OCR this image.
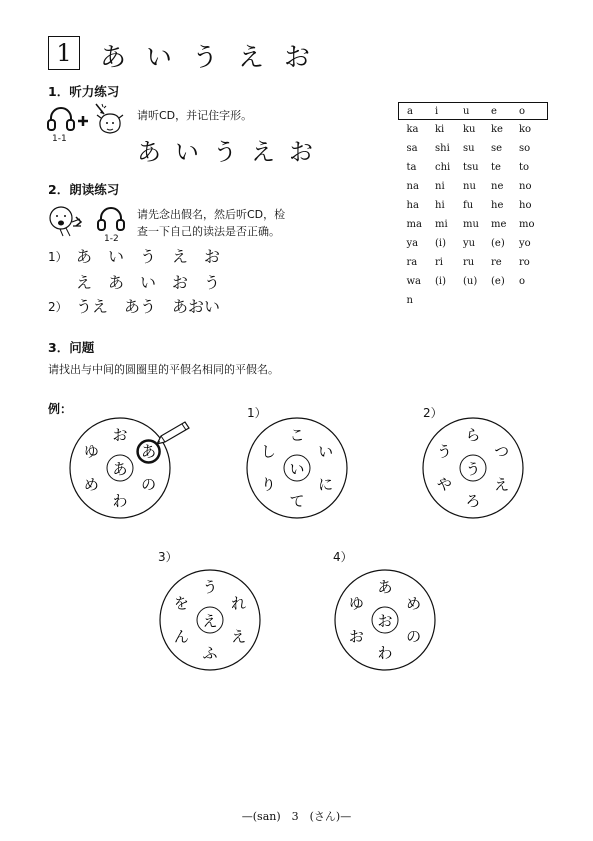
1	あいうえお
1．听力练习
1-1
请听CD，并记住字形。
あいうえお
2．朗读练习
1-2
请先念出假名，然后听CD，检
查一下自己的读法是否正确。
1） あ　い　う　え　お
え　あ　い　お　う
2） うえ　あう　あおい
a	i	u	e	o
ka	ki	ku	ke	ko
sa	shi	su	se	so
ta	chi	tsu	te	to
na	ni	nu	ne	no
ha	hi	fu	he	ho
ma	mi	mu	me	mo
ya	(i)	yu	(e)	yo
ra	ri	ru	re	ro
wa	(i)	(u)	(e)	o
n				
3．问题
请找出与中间的圆圈里的平假名相同的平假名。
例：
あ
お
あ
の
わ
め
ゆ
い
こ
い
に
て
り
し
1）
う
ら
つ
え
ろ
や
う
2）
え
う
れ
え
ふ
ん
を
3）
お
あ
め
の
わ
お
ゆ
4）
—(san)　3　(さん)—
